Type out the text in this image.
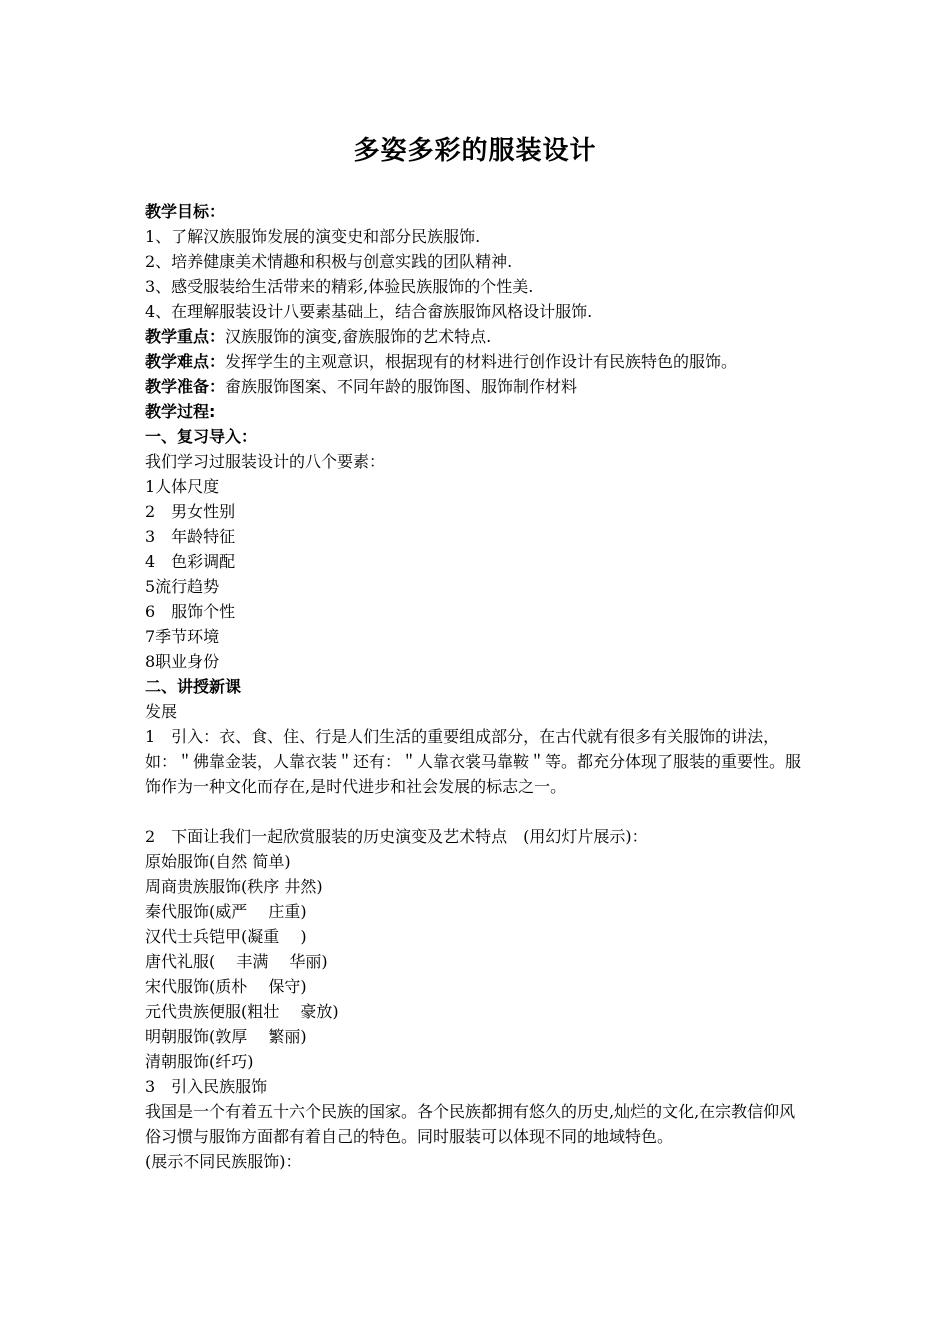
多姿多彩的服装设计
教学目标：
1、了解汉族服饰发展的演变史和部分民族服饰.
2、培养健康美术情趣和积极与创意实践的团队精神.
3、感受服装给生活带来的精彩,体验民族服饰的个性美.
4、在理解服装设计八要素基础上，结合畲族服饰风格设计服饰.
教学重点：汉族服饰的演变,畲族服饰的艺术特点.
教学难点：发挥学生的主观意识，根据现有的材料进行创作设计有民族特色的服饰。
教学准备：畲族服饰图案、不同年龄的服饰图、服饰制作材料
教学过程:
一、复习导入：
我们学习过服装设计的八个要素：
1人体尺度
2　男女性别
3　年龄特征
4　色彩调配
5流行趋势
6　服饰个性
7季节环境
8职业身份
二、讲授新课
发展
1　引入：衣、食、住、行是人们生活的重要组成部分，在古代就有很多有关服饰的讲法，如：＂佛靠金装，人靠衣装＂还有：＂人靠衣裳马靠鞍＂等。都充分体现了服装的重要性。服饰作为一种文化而存在,是时代进步和社会发展的标志之一。
2　下面让我们一起欣赏服装的历史演变及艺术特点　(用幻灯片展示)：
原始服饰(自然 简单)
周商贵族服饰(秩序 井然)
秦代服饰(威严　 庄重)
汉代士兵铠甲(凝重　 )
唐代礼服(　 丰满　 华丽)
宋代服饰(质朴　 保守)
元代贵族便服(粗壮　 豪放)
明朝服饰(敦厚　 繁丽)
清朝服饰(纤巧)
3　引入民族服饰
我国是一个有着五十六个民族的国家。各个民族都拥有悠久的历史,灿烂的文化,在宗教信仰风俗习惯与服饰方面都有着自己的特色。同时服装可以体现不同的地域特色。
(展示不同民族服饰)：
